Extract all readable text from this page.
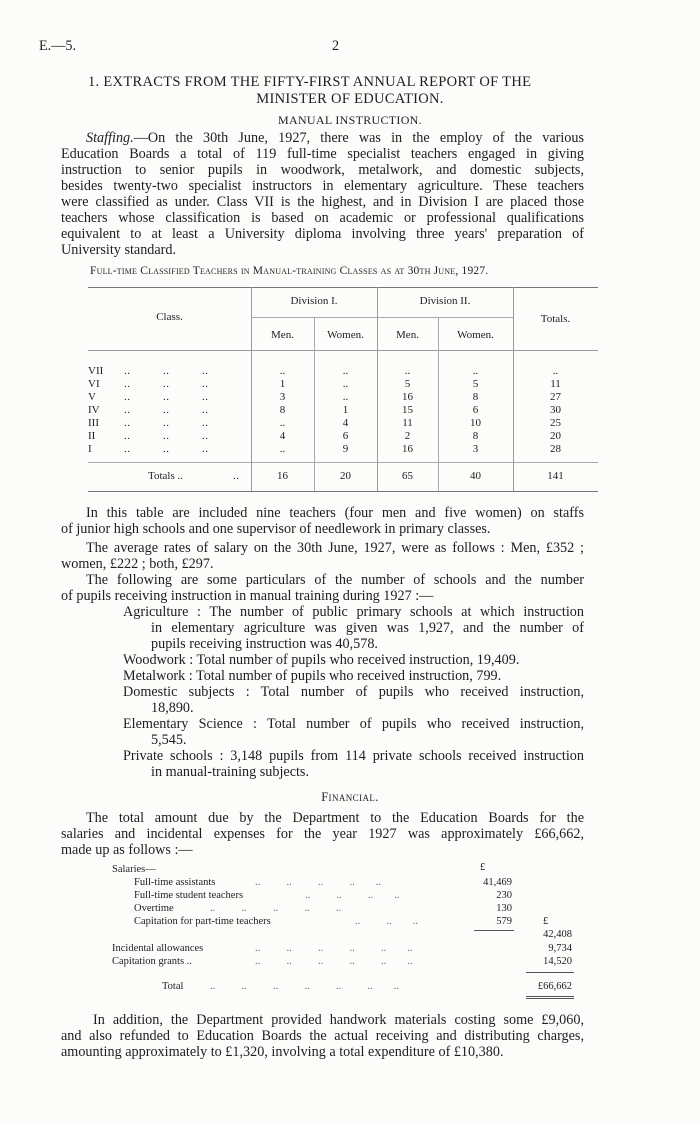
E.—5.	2
1. EXTRACTS FROM THE FIFTY-FIRST ANNUAL REPORT OF THE
MINISTER OF EDUCATION.
MANUAL INSTRUCTION.
Staffing.—On the 30th June, 1927, there was in the employ of the various
Education Boards a total of 119 full-time specialist teachers engaged in giving
instruction to senior pupils in woodwork, metalwork, and domestic subjects,
besides twenty-two specialist instructors in elementary agriculture. These teachers
were classified as under. Class VII is the highest, and in Division I are placed those
teachers whose classification is based on academic or professional qualifications
equivalent to at least a University diploma involving three years' preparation of
University standard.
Full-time Classified Teachers in Manual-training Classes as at 30th June, 1927.
Class.
Division I.	Division II.
Men.	Women.	Men.	Women.
Totals.
VII	..          ..          ..	..	..	..	..	..
VI	..          ..          ..	1	..	5	5	11
V	..          ..          ..	3	..	16	8	27
IV	..          ..          ..	8	1	15	6	30
III	..          ..          ..	..	4	11	10	25
II	..          ..          ..	4	6	2	8	20
I	..          ..          ..	..	9	16	3	28
Totals ..	..	16	20	65	40	141
In this table are included nine teachers (four men and five women) on staffs
of junior high schools and one supervisor of needlework in primary classes.
The average rates of salary on the 30th June, 1927, were as follows : Men, £352 ;
women, £222 ; both, £297.
The following are some particulars of the number of schools and the number
of pupils receiving instruction in manual training during 1927 :—
Agriculture : The number of public primary schools at which instruction
in elementary agriculture was given was 1,927, and the number of
pupils receiving instruction was 40,578.
Woodwork : Total number of pupils who received instruction, 19,409.
Metalwork : Total number of pupils who received instruction, 799.
Domestic subjects : Total number of pupils who received instruction,
18,890.
Elementary Science : Total number of pupils who received instruction,
5,545.
Private schools : 3,148 pupils from 114 private schools received instruction
in manual-training subjects.
Financial.
The total amount due by the Department to the Education Boards for the
salaries and incidental expenses for the year 1927 was approximately £66,662,
made up as follows :—
£
£
Salaries—
Full-time assistants	..          ..          ..          ..        ..	41,469
Full-time student teachers	..          ..          ..        ..	230
Overtime	..          ..          ..          ..          ..	130
Capitation for part-time teachers	..          ..        ..	579
42,408
Incidental allowances	..          ..          ..          ..          ..        ..	9,734
Capitation grants ..	..          ..          ..          ..          ..        ..	14,520
Total	..          ..          ..          ..          ..          ..        ..	£66,662
In addition, the Department provided handwork materials costing some £9,060,
and also refunded to Education Boards the actual receiving and distributing charges,
amounting approximately to £1,320, involving a total expenditure of £10,380.
